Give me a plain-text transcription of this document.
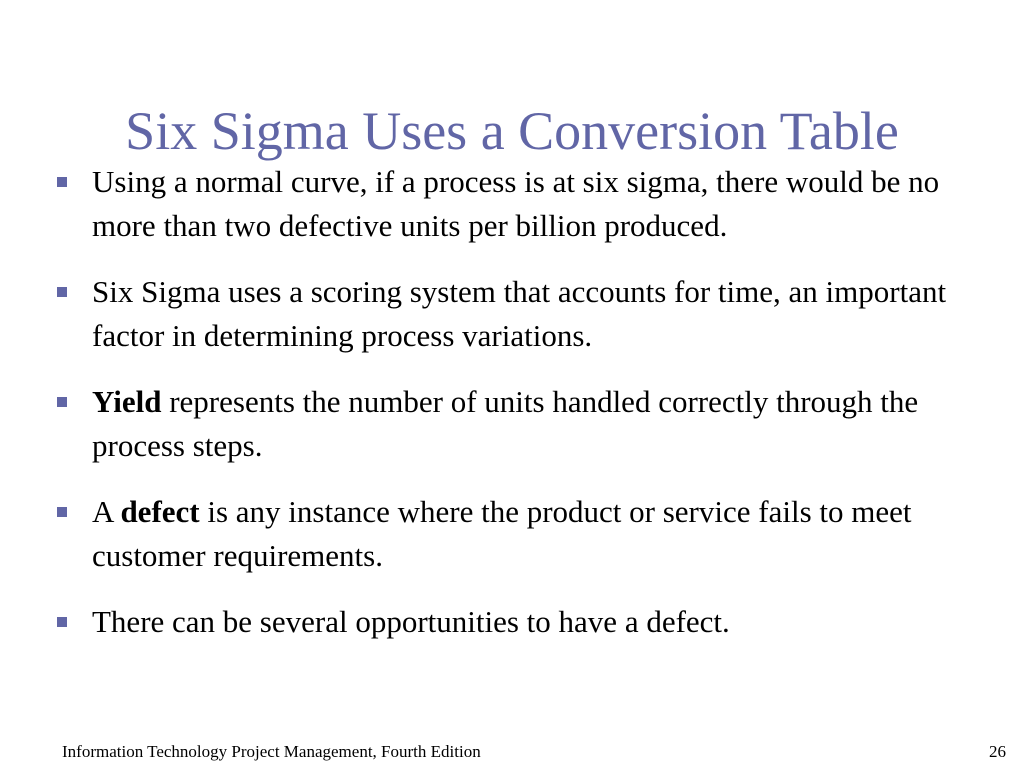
Six Sigma Uses a Conversion Table
Using a normal curve, if a process is at six sigma, there would be no more than two defective units per billion produced.
Six Sigma uses a scoring system that accounts for time, an important factor in determining process variations.
Yield represents the number of units handled correctly through the process steps.
A defect is any instance where the product or service fails to meet customer requirements.
There can be several opportunities to have a defect.
Information Technology Project Management, Fourth Edition	26
